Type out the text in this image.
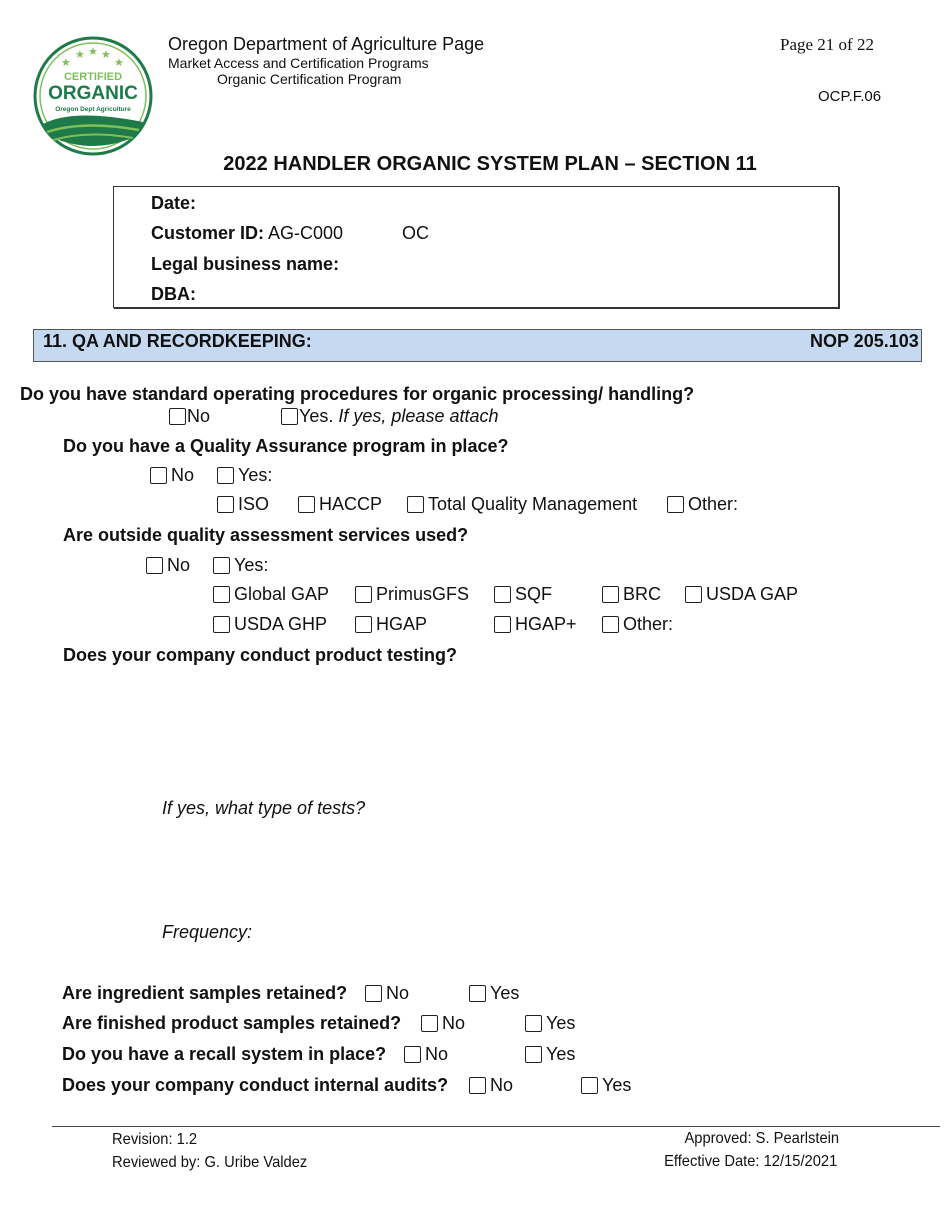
★
★ ★ ★
★
CERTIFIED
ORGANIC
Oregon Dept Agriculture
Oregon Department of Agriculture Page
Market Access and Certification Programs
Organic Certification Program
Page 21 of 22
OCP.F.06
2022 HANDLER ORGANIC SYSTEM PLAN – SECTION 11
Date:
Customer ID: AG-C000	OC
Legal business name:
DBA:
11. QA AND RECORDKEEPING:	NOP 205.103
Do you have standard operating procedures for organic processing/ handling?
No	Yes. If yes, please attach
Do you have a Quality Assurance program in place?
No	Yes:
ISO	HACCP	Total Quality Management	Other:
Are outside quality assessment services used?
No	Yes:
Global GAP	PrimusGFS	SQF	BRC	USDA GAP
USDA GHP	HGAP	HGAP+	Other:
Does your company conduct product testing?
If yes, what type of tests?
Frequency:
Are ingredient samples retained?	No	Yes
Are finished product samples retained?	No	Yes
Do you have a recall system in place?	No	Yes
Does your company conduct internal audits?	No	Yes
Revision: 1.2
Reviewed by: G. Uribe Valdez
Approved: S. Pearlstein
Effective Date: 12/15/2021
